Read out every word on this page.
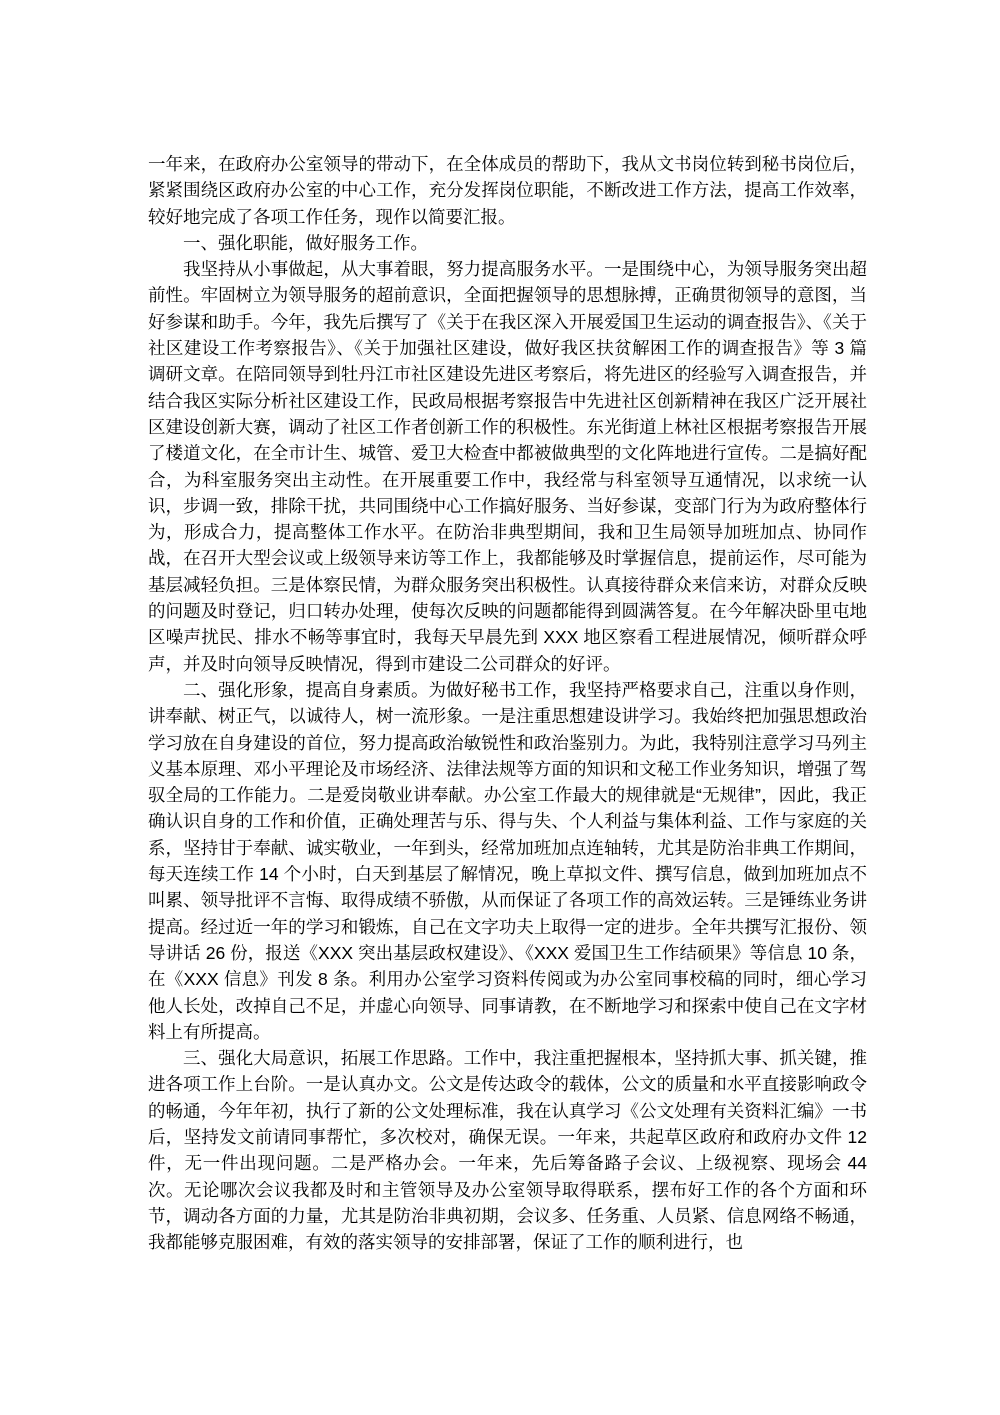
一年来，在政府办公室领导的带动下，在全体成员的帮助下，我从文书岗位转到秘书岗位后，紧紧围绕区政府办公室的中心工作，充分发挥岗位职能，不断改进工作方法，提高工作效率，较好地完成了各项工作任务，现作以简要汇报。

一、强化职能，做好服务工作。

我坚持从小事做起，从大事着眼，努力提高服务水平。一是围绕中心，为领导服务突出超前性。牢固树立为领导服务的超前意识，全面把握领导的思想脉搏，正确贯彻领导的意图，当好参谋和助手。今年，我先后撰写了《关于在我区深入开展爱国卫生运动的调查报告》、《关于社区建设工作考察报告》、《关于加强社区建设，做好我区扶贫解困工作的调查报告》等 3 篇调研文章。在陪同领导到牡丹江市社区建设先进区考察后，将先进区的经验写入调查报告，并结合我区实际分析社区建设工作，民政局根据考察报告中先进社区创新精神在我区广泛开展社区建设创新大赛，调动了社区工作者创新工作的积极性。东光街道上林社区根据考察报告开展了楼道文化，在全市计生、城管、爱卫大检查中都被做典型的文化阵地进行宣传。二是搞好配合，为科室服务突出主动性。在开展重要工作中，我经常与科室领导互通情况，以求统一认识，步调一致，排除干扰，共同围绕中心工作搞好服务、当好参谋，变部门行为为政府整体行为，形成合力，提高整体工作水平。在防治非典型期间，我和卫生局领导加班加点、协同作战，在召开大型会议或上级领导来访等工作上，我都能够及时掌握信息，提前运作，尽可能为基层减轻负担。三是体察民情，为群众服务突出积极性。认真接待群众来信来访，对群众反映的问题及时登记，归口转办处理，使每次反映的问题都能得到圆满答复。在今年解决卧里屯地区噪声扰民、排水不畅等事宜时，我每天早晨先到 XXX 地区察看工程进展情况，倾听群众呼声，并及时向领导反映情况，得到市建设二公司群众的好评。

二、强化形象，提高自身素质。为做好秘书工作，我坚持严格要求自己，注重以身作则，讲奉献、树正气，以诚待人，树一流形象。一是注重思想建设讲学习。我始终把加强思想政治学习放在自身建设的首位，努力提高政治敏锐性和政治鉴别力。为此，我特别注意学习马列主义基本原理、邓小平理论及市场经济、法律法规等方面的知识和文秘工作业务知识，增强了驾驭全局的工作能力。二是爱岗敬业讲奉献。办公室工作最大的规律就是“无规律”，因此，我正确认识自身的工作和价值，正确处理苦与乐、得与失、个人利益与集体利益、工作与家庭的关系，坚持甘于奉献、诚实敬业，一年到头，经常加班加点连轴转，尤其是防治非典工作期间，每天连续工作 14 个小时，白天到基层了解情况，晚上草拟文件、撰写信息，做到加班加点不叫累、领导批评不言悔、取得成绩不骄傲，从而保证了各项工作的高效运转。三是锤练业务讲提高。经过近一年的学习和锻炼，自己在文字功夫上取得一定的进步。全年共撰写汇报份、领导讲话 26 份，报送《XXX 突出基层政权建设》、《XXX 爱国卫生工作结硕果》等信息 10 条，在《XXX 信息》刊发 8 条。利用办公室学习资料传阅或为办公室同事校稿的同时，细心学习他人长处，改掉自己不足，并虚心向领导、同事请教，在不断地学习和探索中使自己在文字材料上有所提高。

三、强化大局意识，拓展工作思路。工作中，我注重把握根本，坚持抓大事、抓关键，推进各项工作上台阶。一是认真办文。公文是传达政令的载体，公文的质量和水平直接影响政令的畅通，今年年初，执行了新的公文处理标准，我在认真学习《公文处理有关资料汇编》一书后，坚持发文前请同事帮忙，多次校对，确保无误。一年来，共起草区政府和政府办文件 12 件，无一件出现问题。二是严格办会。一年来，先后筹备路子会议、上级视察、现场会 44 次。无论哪次会议我都及时和主管领导及办公室领导取得联系，摆布好工作的各个方面和环节，调动各方面的力量，尤其是防治非典初期，会议多、任务重、人员紧、信息网络不畅通，我都能够克服困难，有效的落实领导的安排部署，保证了工作的顺利进行，也
